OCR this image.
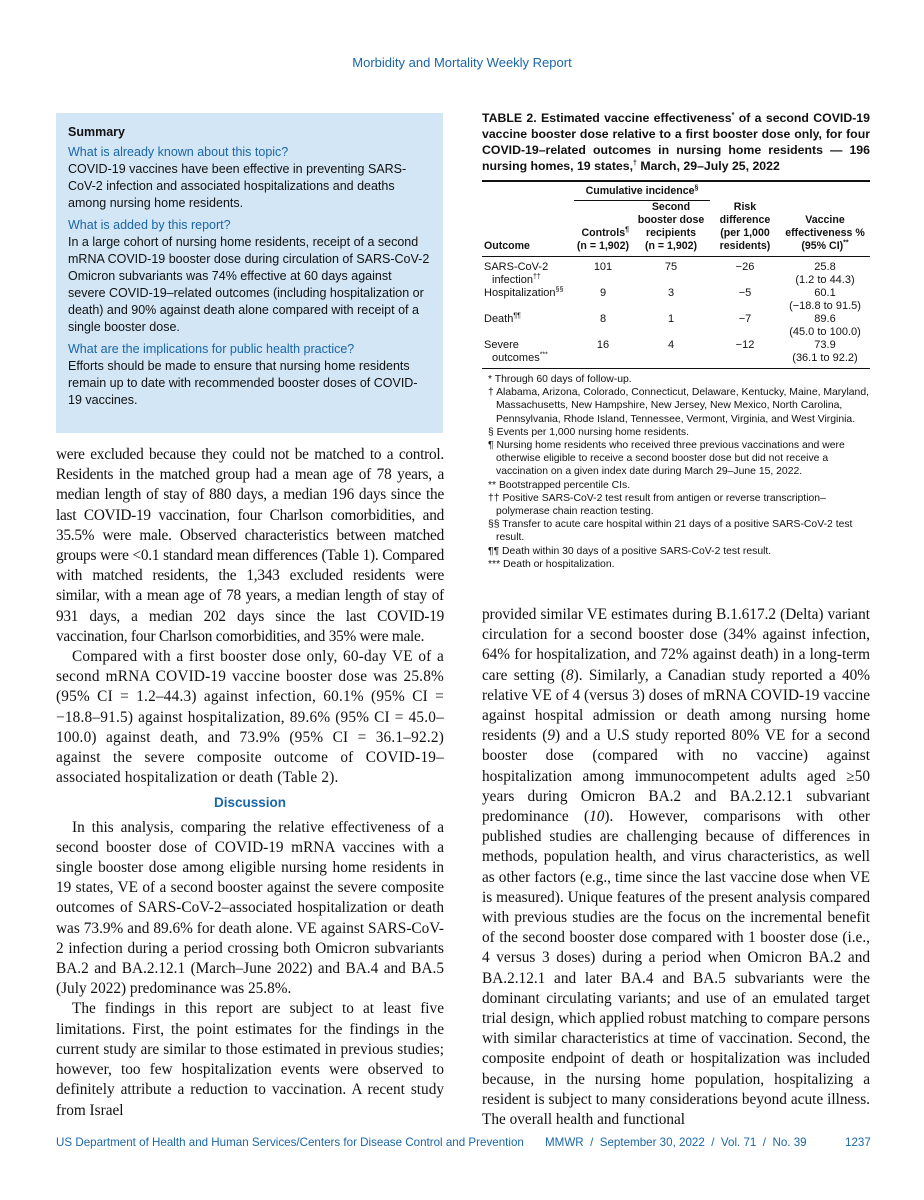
Morbidity and Mortality Weekly Report
Summary
What is already known about this topic?
COVID-19 vaccines have been effective in preventing SARS-CoV-2 infection and associated hospitalizations and deaths among nursing home residents.
What is added by this report?
In a large cohort of nursing home residents, receipt of a second mRNA COVID-19 booster dose during circulation of SARS-CoV-2 Omicron subvariants was 74% effective at 60 days against severe COVID-19–related outcomes (including hospitalization or death) and 90% against death alone compared with receipt of a single booster dose.
What are the implications for public health practice?
Efforts should be made to ensure that nursing home residents remain up to date with recommended booster doses of COVID-19 vaccines.

were excluded because they could not be matched to a control. Residents in the matched group had a mean age of 78 years, a median length of stay of 880 days, a median 196 days since the last COVID-19 vaccination, four Charlson comorbidities, and 35.5% were male. Observed characteristics between matched groups were <0.1 standard mean differences (Table 1). Compared with matched residents, the 1,343 excluded residents were similar, with a mean age of 78 years, a median length of stay of 931 days, a median 202 days since the last COVID-19 vaccination, four Charlson comorbidities, and 35% were male.

Compared with a first booster dose only, 60-day VE of a second mRNA COVID-19 vaccine booster dose was 25.8% (95% CI = 1.2–44.3) against infection, 60.1% (95% CI = −18.8–91.5) against hospitalization, 89.6% (95% CI = 45.0–100.0) against death, and 73.9% (95% CI = 36.1–92.2) against the severe composite outcome of COVID-19–associated hospitalization or death (Table 2).

Discussion

In this analysis, comparing the relative effectiveness of a second booster dose of COVID-19 mRNA vaccines with a single booster dose among eligible nursing home residents in 19 states, VE of a second booster against the severe composite outcomes of SARS-CoV-2–associated hospitalization or death was 73.9% and 89.6% for death alone. VE against SARS-CoV-2 infection during a period crossing both Omicron subvariants BA.2 and BA.2.12.1 (March–June 2022) and BA.4 and BA.5 (July 2022) predominance was 25.8%.

The findings in this report are subject to at least five limitations. First, the point estimates for the findings in the current study are similar to those estimated in previous studies; however, too few hospitalization events were observed to definitely attribute a reduction to vaccination. A recent study from Israel

TABLE 2. Estimated vaccine effectiveness* of a second COVID-19 vaccine booster dose relative to a first booster dose only, for four COVID-19–related outcomes in nursing home residents — 196 nursing homes, 19 states,† March, 29–July 25, 2022

	Cumulative incidence§

Outcome	Controls¶
(n = 1,902)	Second booster dose recipients
(n = 1,902)	Risk difference (per 1,000 residents)	Vaccine effectiveness % (95% CI)**

SARS-CoV-2
infection††	101	75	−26	25.8
(1.2 to 44.3)
Hospitalization§§	9	3	−5	60.1
(−18.8 to 91.5)
Death¶¶	8	1	−7	89.6
(45.0 to 100.0)
Severe
outcomes***	16	4	−12	73.9
(36.1 to 92.2)
* Through 60 days of follow-up.
† Alabama, Arizona, Colorado, Connecticut, Delaware, Kentucky, Maine, Maryland, Massachusetts, New Hampshire, New Jersey, New Mexico, North Carolina, Pennsylvania, Rhode Island, Tennessee, Vermont, Virginia, and West Virginia.
§ Events per 1,000 nursing home residents.
¶ Nursing home residents who received three previous vaccinations and were otherwise eligible to receive a second booster dose but did not receive a vaccination on a given index date during March 29–June 15, 2022.
** Bootstrapped percentile CIs.
†† Positive SARS-CoV-2 test result from antigen or reverse transcription–polymerase chain reaction testing.
§§ Transfer to acute care hospital within 21 days of a positive SARS-CoV-2 test result.
¶¶ Death within 30 days of a positive SARS-CoV-2 test result.
*** Death or hospitalization.

provided similar VE estimates during B.1.617.2 (Delta) variant circulation for a second booster dose (34% against infection, 64% for hospitalization, and 72% against death) in a long-term care setting (8). Similarly, a Canadian study reported a 40% relative VE of 4 (versus 3) doses of mRNA COVID-19 vaccine against hospital admission or death among nursing home residents (9) and a U.S study reported 80% VE for a second booster dose (compared with no vaccine) against hospitalization among immunocompetent adults aged ≥50 years during Omicron BA.2 and BA.2.12.1 subvariant predominance (10). However, comparisons with other published studies are challenging because of differences in methods, population health, and virus characteristics, as well as other factors (e.g., time since the last vaccine dose when VE is measured). Unique features of the present analysis compared with previous studies are the focus on the incremental benefit of the second booster dose compared with 1 booster dose (i.e., 4 versus 3 doses) during a period when Omicron BA.2 and BA.2.12.1 and later BA.4 and BA.5 subvariants were the dominant circulating variants; and use of an emulated target trial design, which applied robust matching to compare persons with similar characteristics at time of vaccination. Second, the composite endpoint of death or hospitalization was included because, in the nursing home population, hospitalizing a resident is subject to many considerations beyond acute illness. The overall health and functional

US Department of Health and Human Services/Centers for Disease Control and Prevention MMWR  /  September 30, 2022  /  Vol. 71  /  No. 39	1237
